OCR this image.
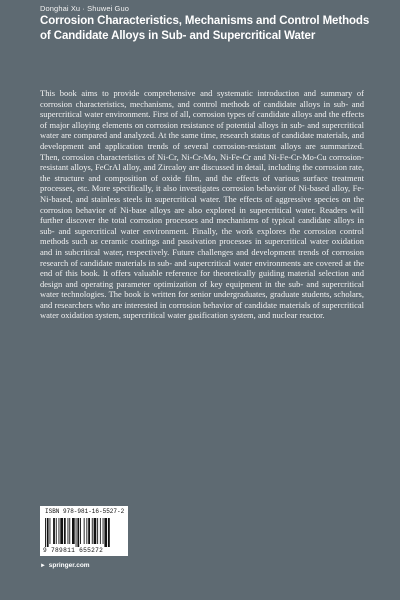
Donghai Xu · Shuwei Guo
Corrosion Characteristics, Mechanisms and Control Methods of Candidate Alloys in Sub- and Supercritical Water

This book aims to provide comprehensive and systematic introduction and summary of corrosion characteristics, mechanisms, and control methods of candidate alloys in sub- and supercritical water environment. First of all, corrosion types of candidate alloys and the effects of major alloying elements on corrosion resistance of potential alloys in sub- and supercritical water are compared and analyzed. At the same time, research status of candidate materials, and development and application trends of several corrosion-resistant alloys are summarized. Then, corrosion characteristics of Ni-Cr, Ni-Cr-Mo, Ni-Fe-Cr and Ni-Fe-Cr-Mo-Cu corrosion- resistant alloys, FeCrAl alloy, and Zircaloy are discussed in detail, including the corrosion rate, the structure and composition of oxide film, and the effects of various surface treatment processes, etc. More specifically, it also investigates corrosion behavior of Ni-based alloy, Fe-Ni-based, and stainless steels in supercritical water. The effects of aggressive species on the corrosion behavior of Ni-base alloys are also explored in supercritical water. Readers will further discover the total corrosion processes and mechanisms of typical candidate alloys in sub- and supercritical water environment. Finally, the work explores the corrosion control methods such as ceramic coatings and passivation processes in supercritical water oxidation and in subcritical water, respectively. Future challenges and development trends of corrosion research of candidate materials in sub- and supercritical water environments are covered at the end of this book. It offers valuable reference for theoretically guiding material selection and design and operating parameter optimization of key equipment in the sub- and supercritical water technologies. The book is written for senior undergraduates, graduate students, scholars, and researchers who are interested in corrosion behavior of candidate materials of supercritical water oxidation system, supercritical water gasification system, and nuclear reactor.

ISBN 978-981-16-5527-2
9 789811 655272
► springer.com
